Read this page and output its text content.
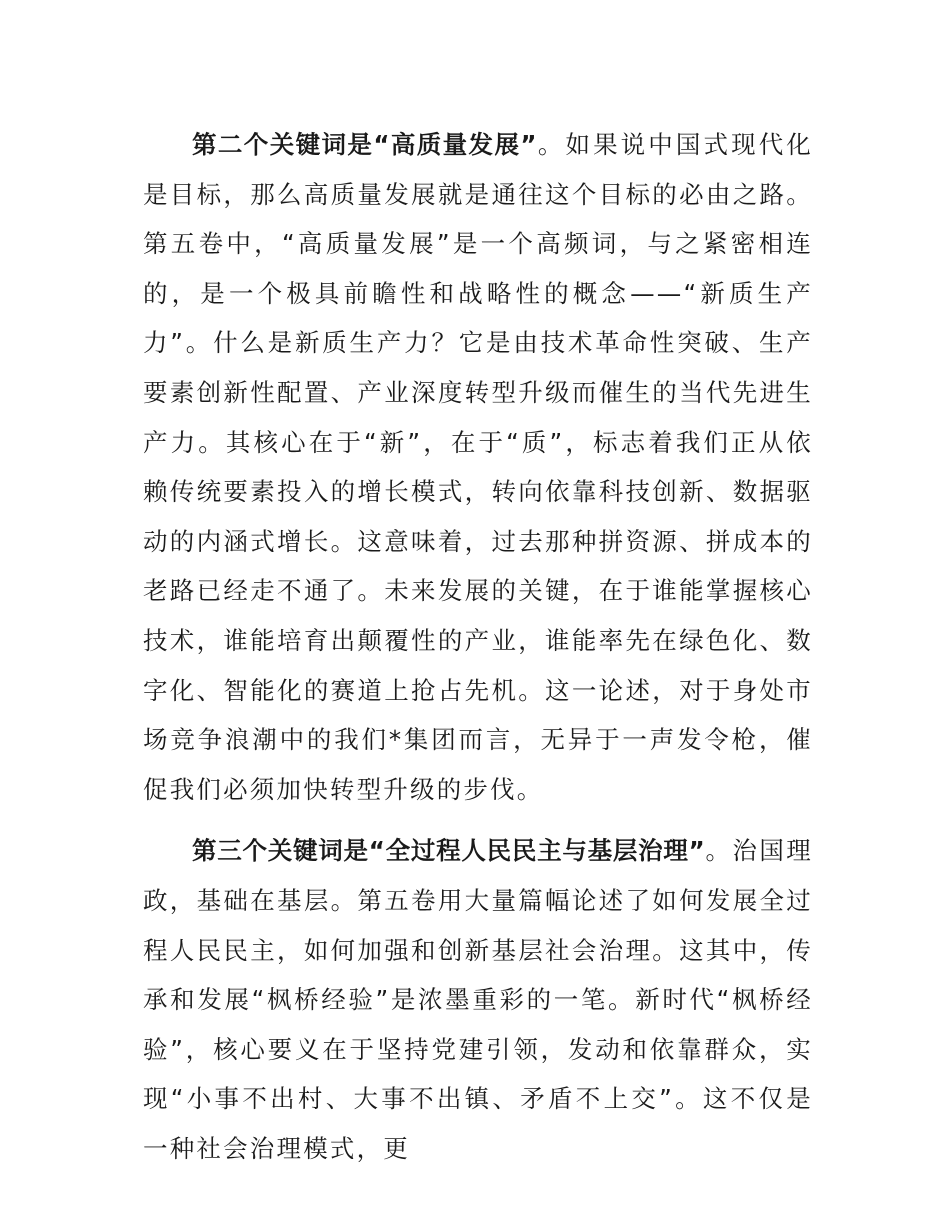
第二个关键词是“高质量发展”。如果说中国式现代化是目标，那么高质量发展就是通往这个目标的必由之路。第五卷中，“高质量发展”是一个高频词，与之紧密相连的，是一个极具前瞻性和战略性的概念——“新质生产力”。什么是新质生产力？它是由技术革命性突破、生产要素创新性配置、产业深度转型升级而催生的当代先进生产力。其核心在于“新”，在于“质”，标志着我们正从依赖传统要素投入的增长模式，转向依靠科技创新、数据驱动的内涵式增长。这意味着，过去那种拼资源、拼成本的老路已经走不通了。未来发展的关键，在于谁能掌握核心技术，谁能培育出颠覆性的产业，谁能率先在绿色化、数字化、智能化的赛道上抢占先机。这一论述，对于身处市场竞争浪潮中的我们*集团而言，无异于一声发令枪，催促我们必须加快转型升级的步伐。

第三个关键词是“全过程人民民主与基层治理”。治国理政，基础在基层。第五卷用大量篇幅论述了如何发展全过程人民民主，如何加强和创新基层社会治理。这其中，传承和发展“枫桥经验”是浓墨重彩的一笔。新时代“枫桥经验”，核心要义在于坚持党建引领，发动和依靠群众，实现“小事不出村、大事不出镇、矛盾不上交”。这不仅是一种社会治理模式，更
